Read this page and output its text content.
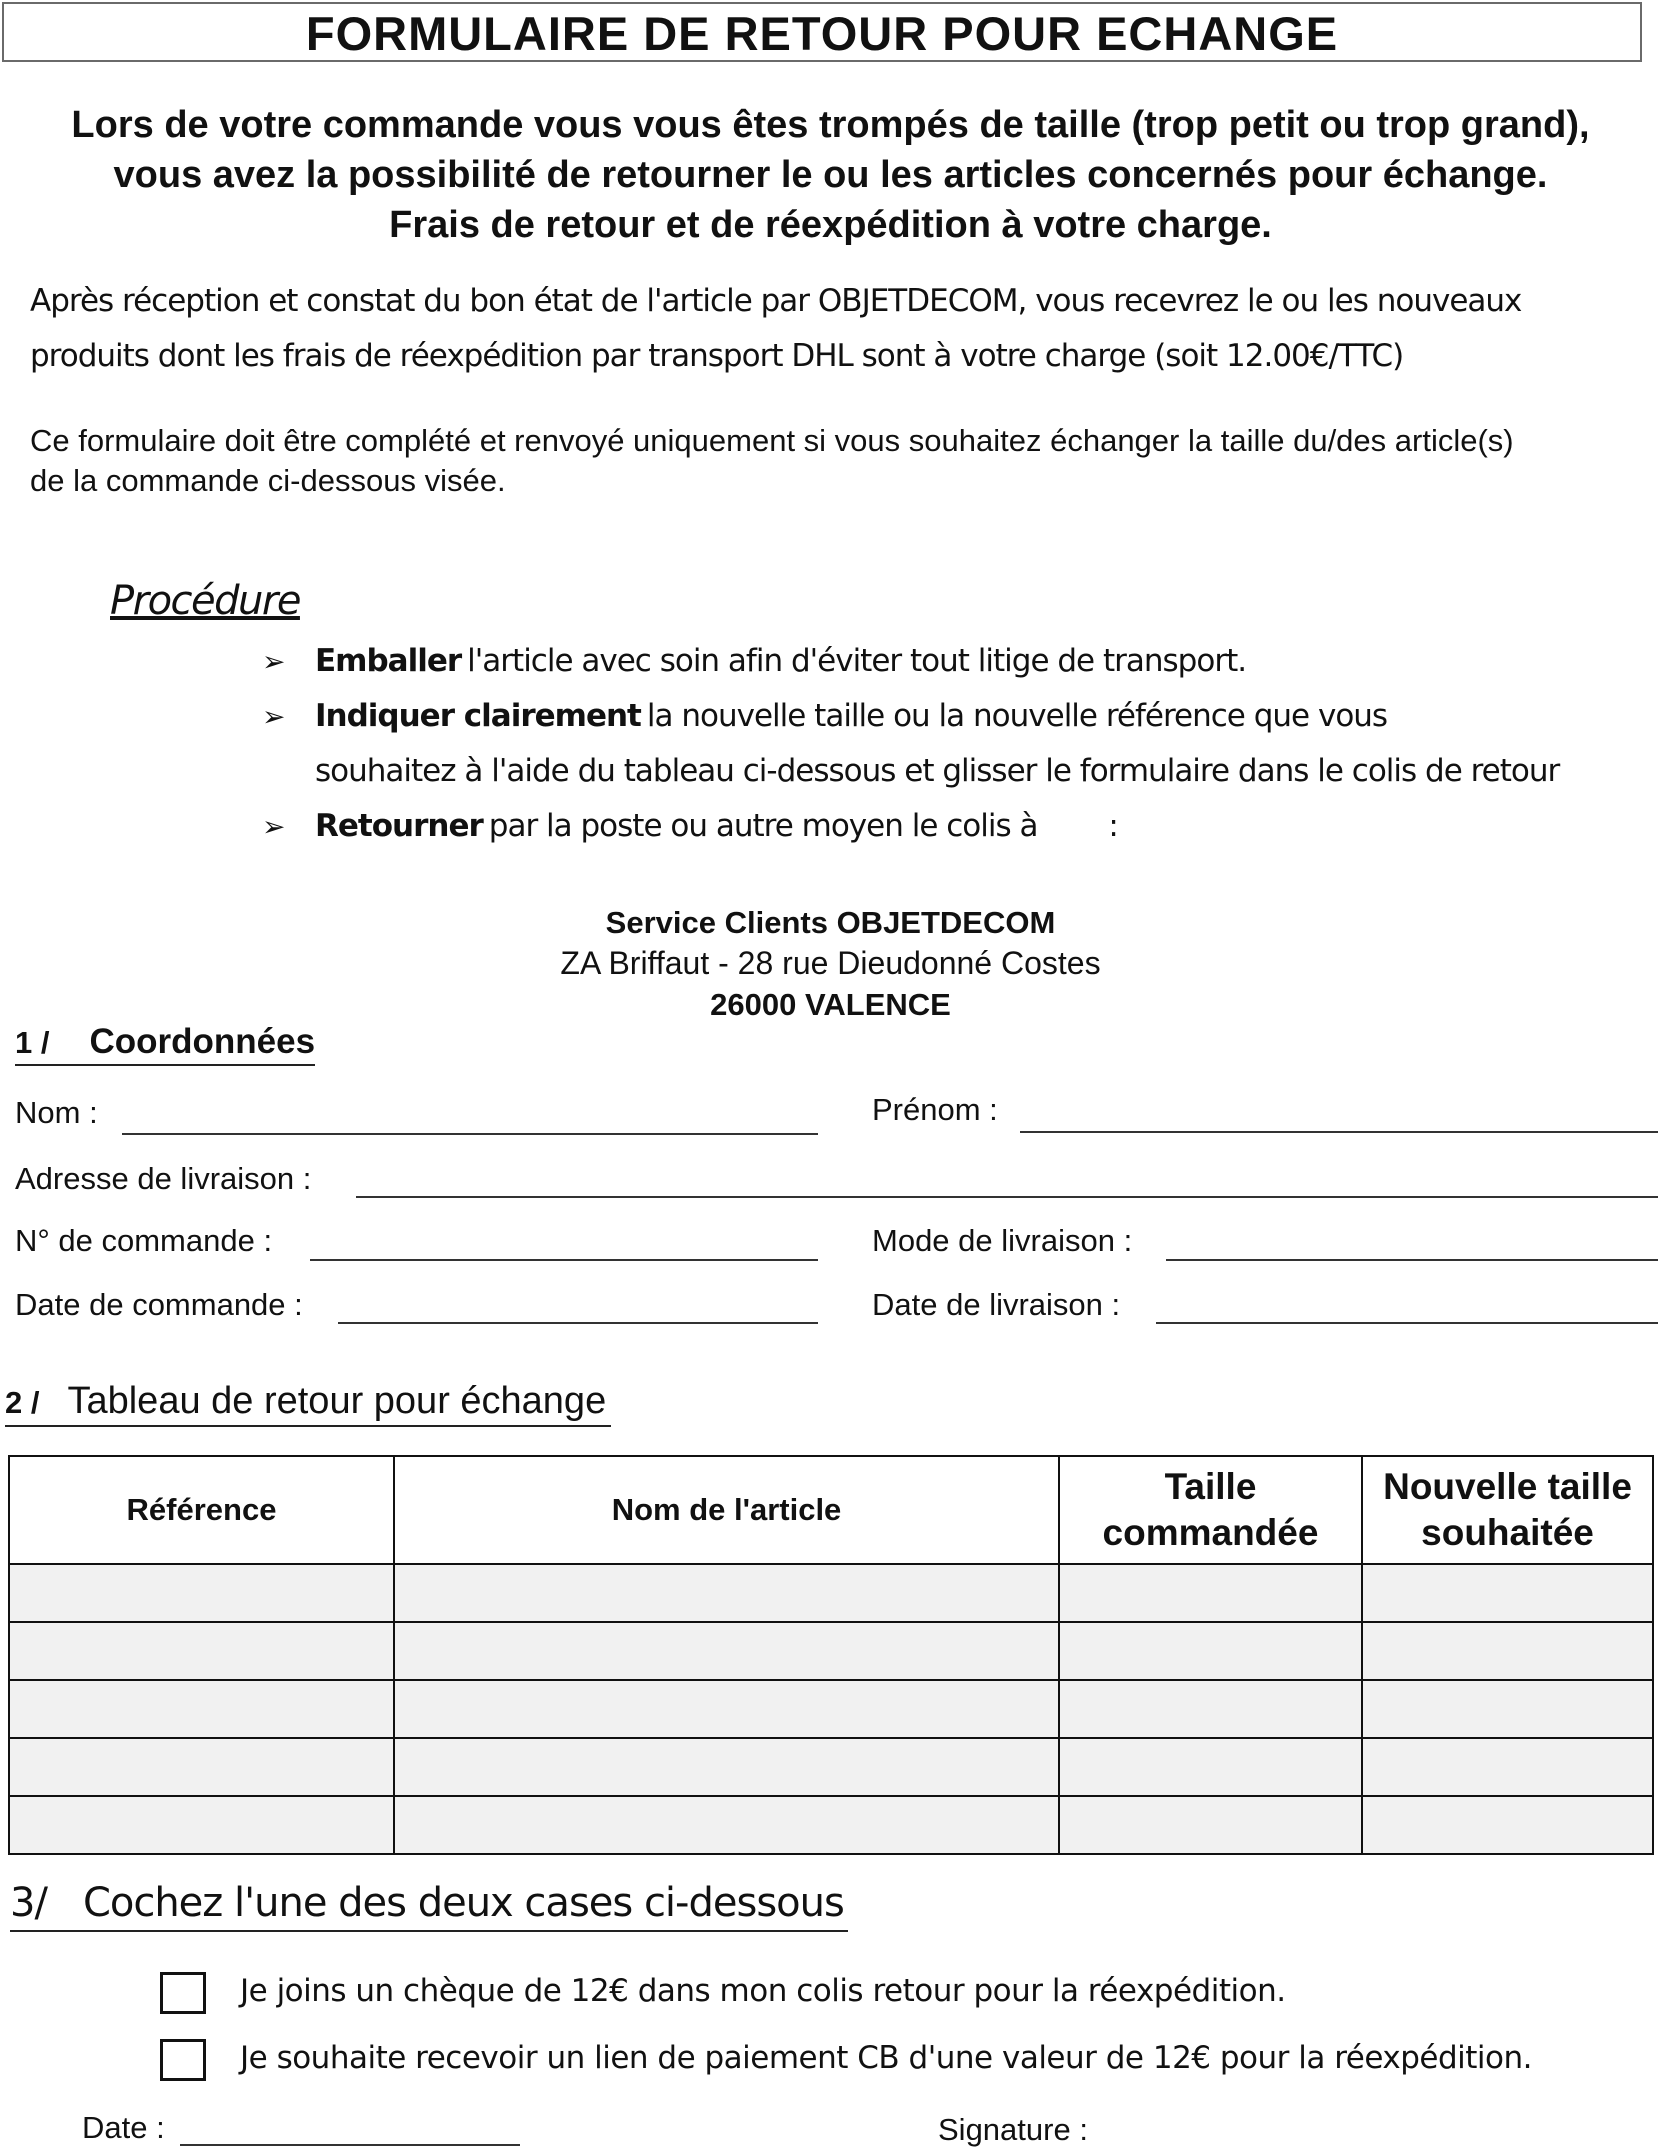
FORMULAIRE DE RETOUR POUR ECHANGE
Lors de votre commande vous vous êtes trompés de taille (trop petit ou trop grand),
vous avez la possibilité de retourner le ou les articles concernés pour échange.
Frais de retour et de réexpédition à votre charge.
Après réception et constat du bon état de l'article par OBJETDECOM, vous recevrez le ou les nouveaux
produits dont les frais de réexpédition par transport DHL sont à votre charge (soit 12.00€/TTC)
Ce formulaire doit être complété et renvoyé uniquement si vous souhaitez échanger la taille du/des article(s)
de la commande ci-dessous visée.
Procédure
➢ Emballer l'article avec soin afin d'éviter tout litige de transport.
➢ Indiquer clairement la nouvelle taille ou la nouvelle référence que vous
souhaitez à l'aide du tableau ci-dessous et glisser le formulaire dans le colis de retour
➢ Retourner par la poste ou autre moyen le colis à        :
Service Clients OBJETDECOM
ZA Briffaut - 28 rue Dieudonné Costes
26000 VALENCE
1 / Coordonnées
Nom :	Prénom :
Adresse de livraison :
N° de commande :	Mode de livraison :
Date de commande :	Date de livraison :
2 / Tableau de retour pour échange
Référence	Nom de l'article	Taille commandée	Nouvelle taille souhaitée

3/ Cochez l'une des deux cases ci-dessous
Je joins un chèque de 12€ dans mon colis retour pour la réexpédition.
Je souhaite recevoir un lien de paiement CB d'une valeur de 12€ pour la réexpédition.
Date :	Signature :
